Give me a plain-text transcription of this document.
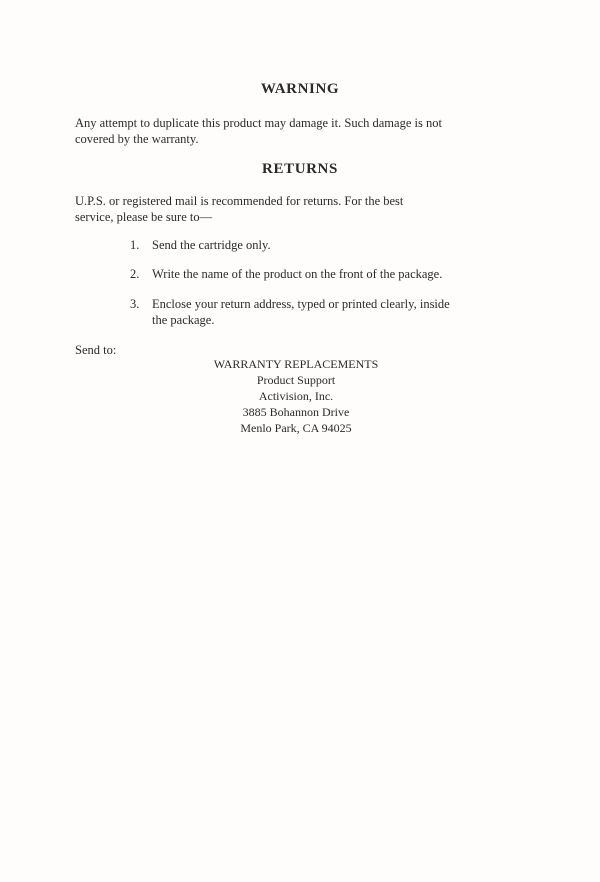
WARNING
Any attempt to duplicate this product may damage it. Such damage is not
covered by the warranty.
RETURNS
U.P.S. or registered mail is recommended for returns. For the best
service, please be sure to—
1. Send the cartridge only.
2. Write the name of the product on the front of the package.
3. Enclose your return address, typed or printed clearly, inside
the package.
Send to:
WARRANTY REPLACEMENTS
Product Support
Activision, Inc.
3885 Bohannon Drive
Menlo Park, CA 94025
